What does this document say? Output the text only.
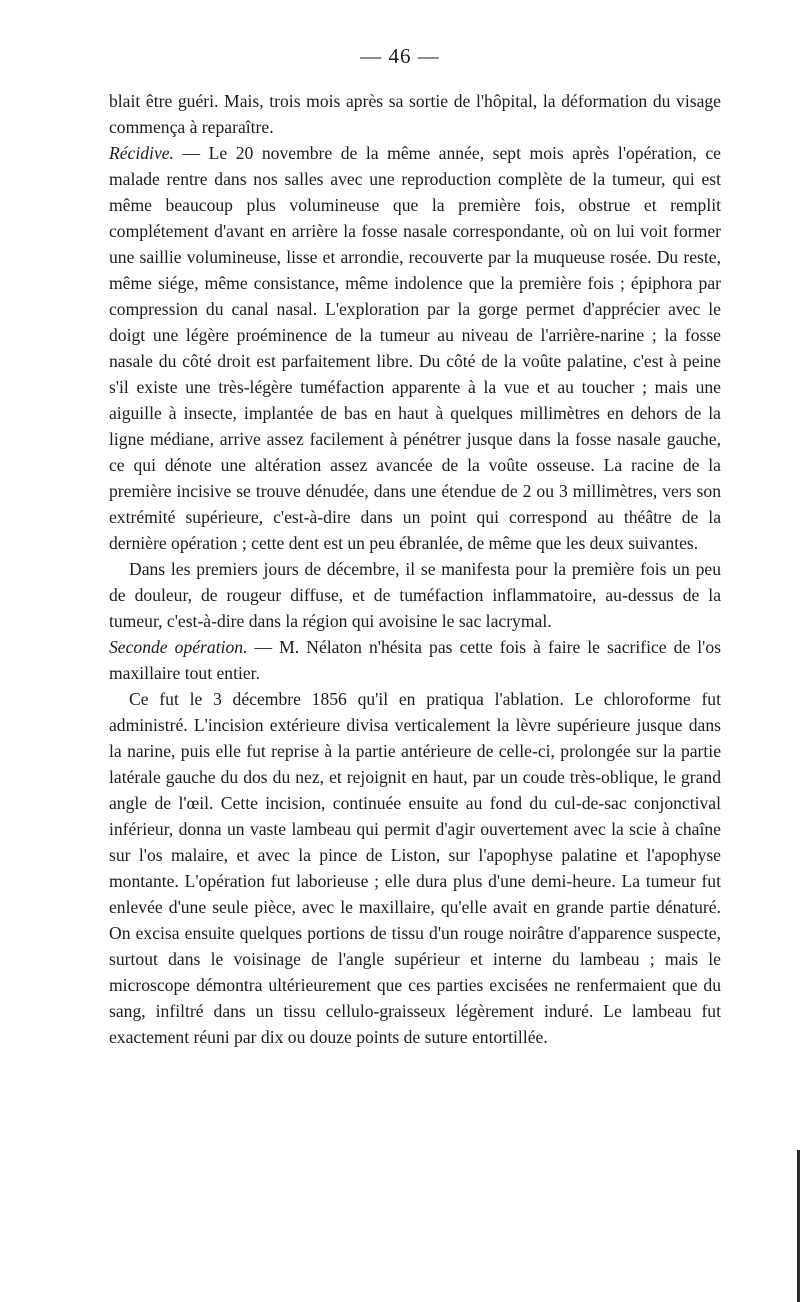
— 46 —

blait être guéri. Mais, trois mois après sa sortie de l'hôpital, la déformation du visage commença à reparaître.

Récidive. — Le 20 novembre de la même année, sept mois après l'opération, ce malade rentre dans nos salles avec une reproduction complète de la tumeur, qui est même beaucoup plus volumineuse que la première fois, obstrue et remplit complétement d'avant en arrière la fosse nasale correspondante, où on lui voit former une saillie volumineuse, lisse et arrondie, recouverte par la muqueuse rosée. Du reste, même siége, même consistance, même indolence que la première fois ; épiphora par compression du canal nasal. L'exploration par la gorge permet d'apprécier avec le doigt une légère proéminence de la tumeur au niveau de l'arrière-narine ; la fosse nasale du côté droit est parfaitement libre. Du côté de la voûte palatine, c'est à peine s'il existe une très-légère tuméfaction apparente à la vue et au toucher ; mais une aiguille à insecte, implantée de bas en haut à quelques millimètres en dehors de la ligne médiane, arrive assez facilement à pénétrer jusque dans la fosse nasale gauche, ce qui dénote une altération assez avancée de la voûte osseuse. La racine de la première incisive se trouve dénudée, dans une étendue de 2 ou 3 millimètres, vers son extrémité supérieure, c'est-à-dire dans un point qui correspond au théâtre de la dernière opération ; cette dent est un peu ébranlée, de même que les deux suivantes.

Dans les premiers jours de décembre, il se manifesta pour la première fois un peu de douleur, de rougeur diffuse, et de tuméfaction inflammatoire, au-dessus de la tumeur, c'est-à-dire dans la région qui avoisine le sac lacrymal.

Seconde opération. — M. Nélaton n'hésita pas cette fois à faire le sacrifice de l'os maxillaire tout entier.

Ce fut le 3 décembre 1856 qu'il en pratiqua l'ablation. Le chloroforme fut administré. L'incision extérieure divisa verticalement la lèvre supérieure jusque dans la narine, puis elle fut reprise à la partie antérieure de celle-ci, prolongée sur la partie latérale gauche du dos du nez, et rejoignit en haut, par un coude très-oblique, le grand angle de l'œil. Cette incision, continuée ensuite au fond du cul-de-sac conjonctival inférieur, donna un vaste lambeau qui permit d'agir ouvertement avec la scie à chaîne sur l'os malaire, et avec la pince de Liston, sur l'apophyse palatine et l'apophyse montante. L'opération fut laborieuse ; elle dura plus d'une demi-heure. La tumeur fut enlevée d'une seule pièce, avec le maxillaire, qu'elle avait en grande partie dénaturé. On excisa ensuite quelques portions de tissu d'un rouge noirâtre d'apparence suspecte, surtout dans le voisinage de l'angle supérieur et interne du lambeau ; mais le microscope démontra ultérieurement que ces parties excisées ne renfermaient que du sang, infiltré dans un tissu cellulo-graisseux légèrement induré. Le lambeau fut exactement réuni par dix ou douze points de suture entortillée.
